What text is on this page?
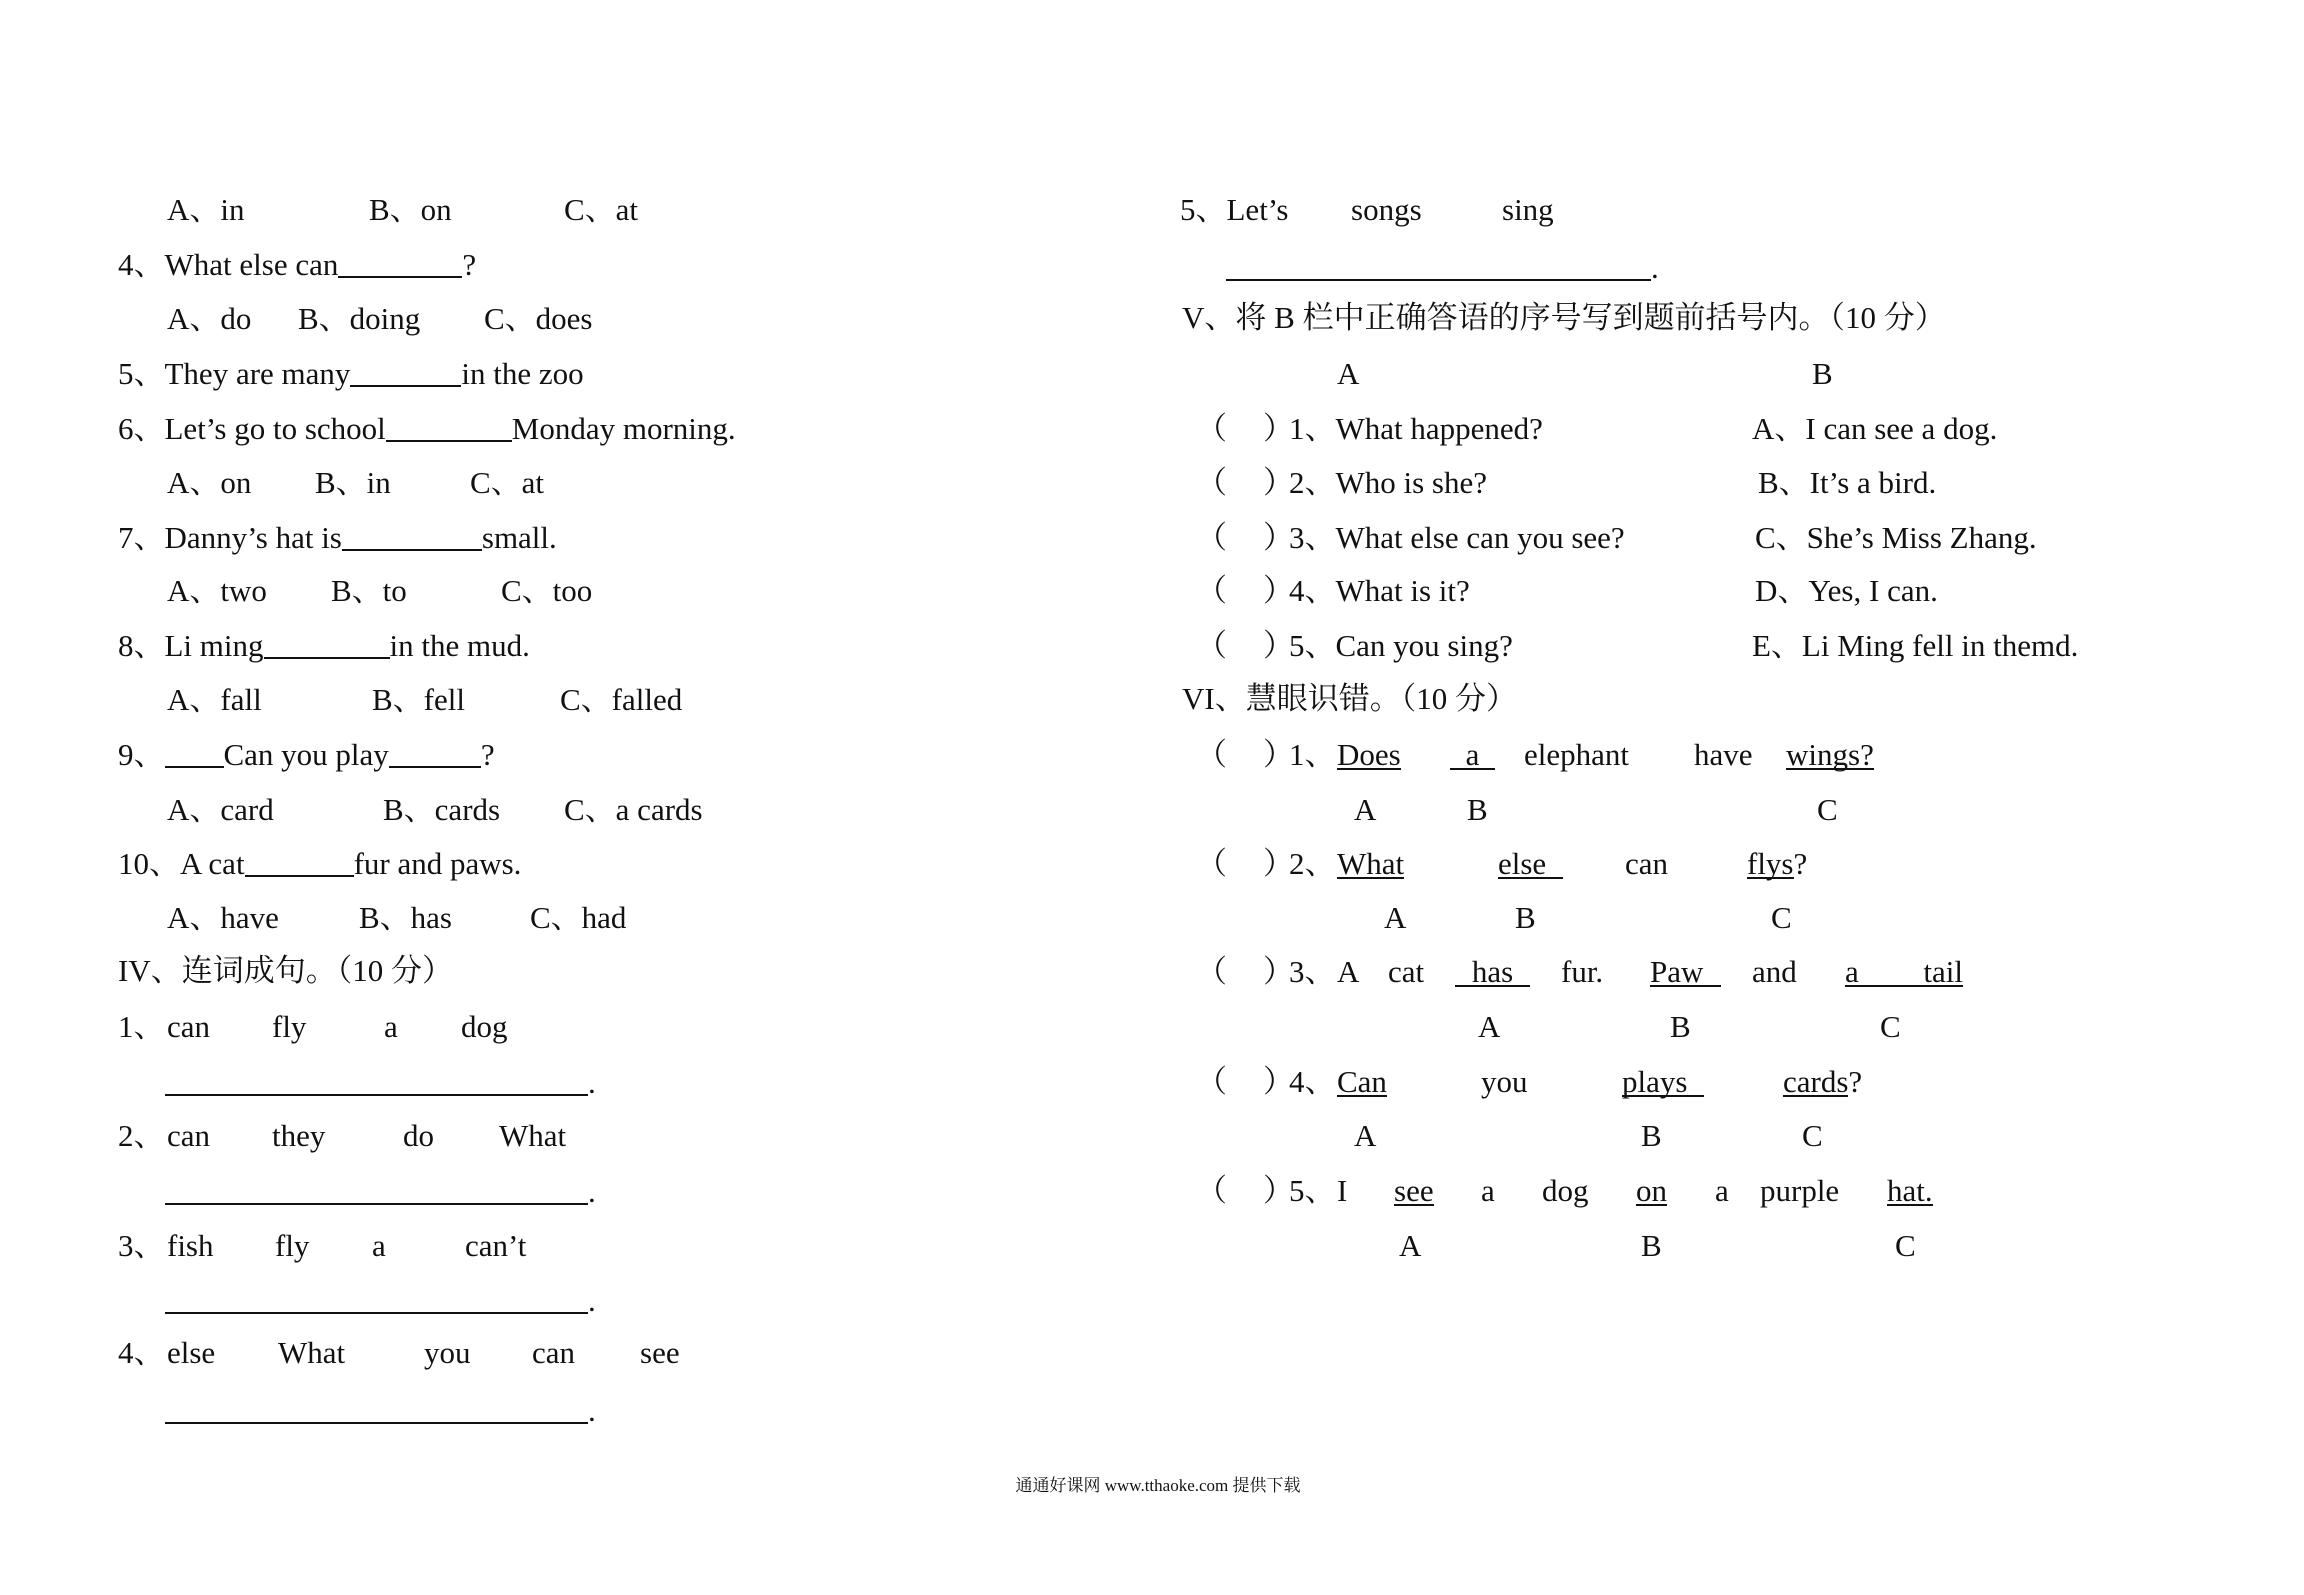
A、in	B、on	C、at
4、What else can	?
A、do B、doing C、does
5、They are many	in the zoo
6、Let’s go to school	Monday morning.
A、on B、in	C、at
7、Danny’s hat is	small.
A、two B、to	C、too
8、Li ming	in the mud.
A、fall	B、fell	C、falled
9、 Can you play	?
A、card	B、cards C、a cards
10、A cat	fur and paws.
A、have	B、has	C、had
IV、连词成句。（10 分）
1、 can fly	a dog
.
2、 can they	do What
.
3、 fish fly a	can’t
.
4、 else What	you can see
.
5、Let’s songs	sing
.
V、将 B 栏中正确答语的序号写到题前括号内。（10 分）
A	B
（ ）
1、What happened?	A、I can see a dog.
（ ）
2、Who is she?	B、It’s a bird.
（ ）
3、What else can you see?	C、She’s Miss Zhang.
（ ）
4、What is it?	D、Yes, I can.
（ ）
5、Can you sing?	E、Li Ming fell in themd.
VI、慧眼识错。（10 分）
（ ）
1、 Does	a	elephant have wings?
A	B	C
（ ）
2、 What	else	can	flys?
A	B	C
（ ）
3、 A cat	has	fur. Paw	and a tail
A	B	C
（ ）
4、 Can	you	plays	cards?
A	B	C
（ ）
5、 I see a dog on a purple hat.
A	B	C
通通好课网 www.tthaoke.com 提供下载
